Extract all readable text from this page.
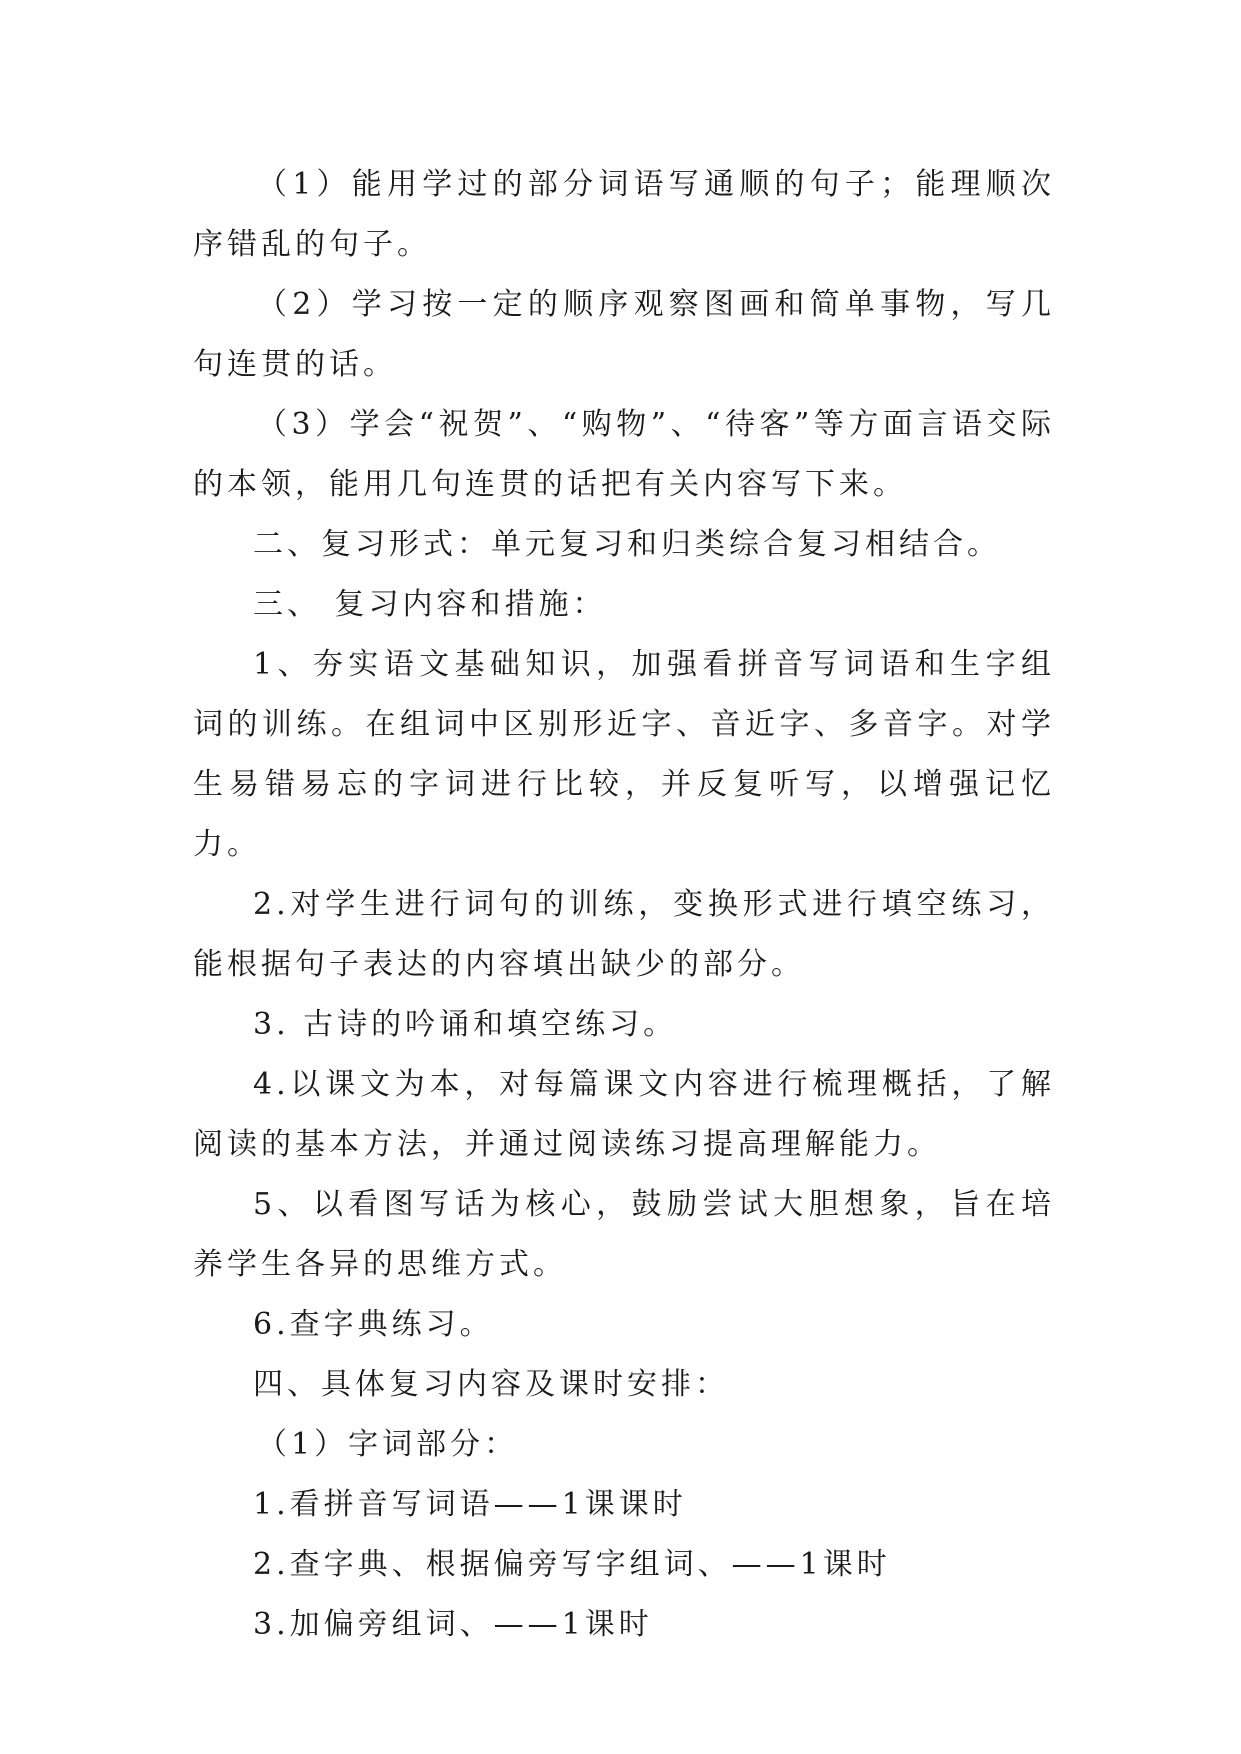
（1）能用学过的部分词语写通顺的句子；能理顺次序错乱的句子。

（2）学习按一定的顺序观察图画和简单事物，写几句连贯的话。

（3）学会“祝贺”、“购物”、“待客”等方面言语交际的本领，能用几句连贯的话把有关内容写下来。

二、复习形式：单元复习和归类综合复习相结合。

三、 复习内容和措施：

1、夯实语文基础知识，加强看拼音写词语和生字组词的训练。在组词中区别形近字、音近字、多音字。对学生易错易忘的字词进行比较，并反复听写，以增强记忆力。

2.对学生进行词句的训练，变换形式进行填空练习，能根据句子表达的内容填出缺少的部分。

3. 古诗的吟诵和填空练习。

4.以课文为本，对每篇课文内容进行梳理概括，了解阅读的基本方法，并通过阅读练习提高理解能力。

5、以看图写话为核心，鼓励尝试大胆想象，旨在培养学生各异的思维方式。

6.查字典练习。

四、具体复习内容及课时安排：

（1）字词部分：

1.看拼音写词语——1课课时

2.查字典、根据偏旁写字组词、——1课时

3.加偏旁组词、——1课时
